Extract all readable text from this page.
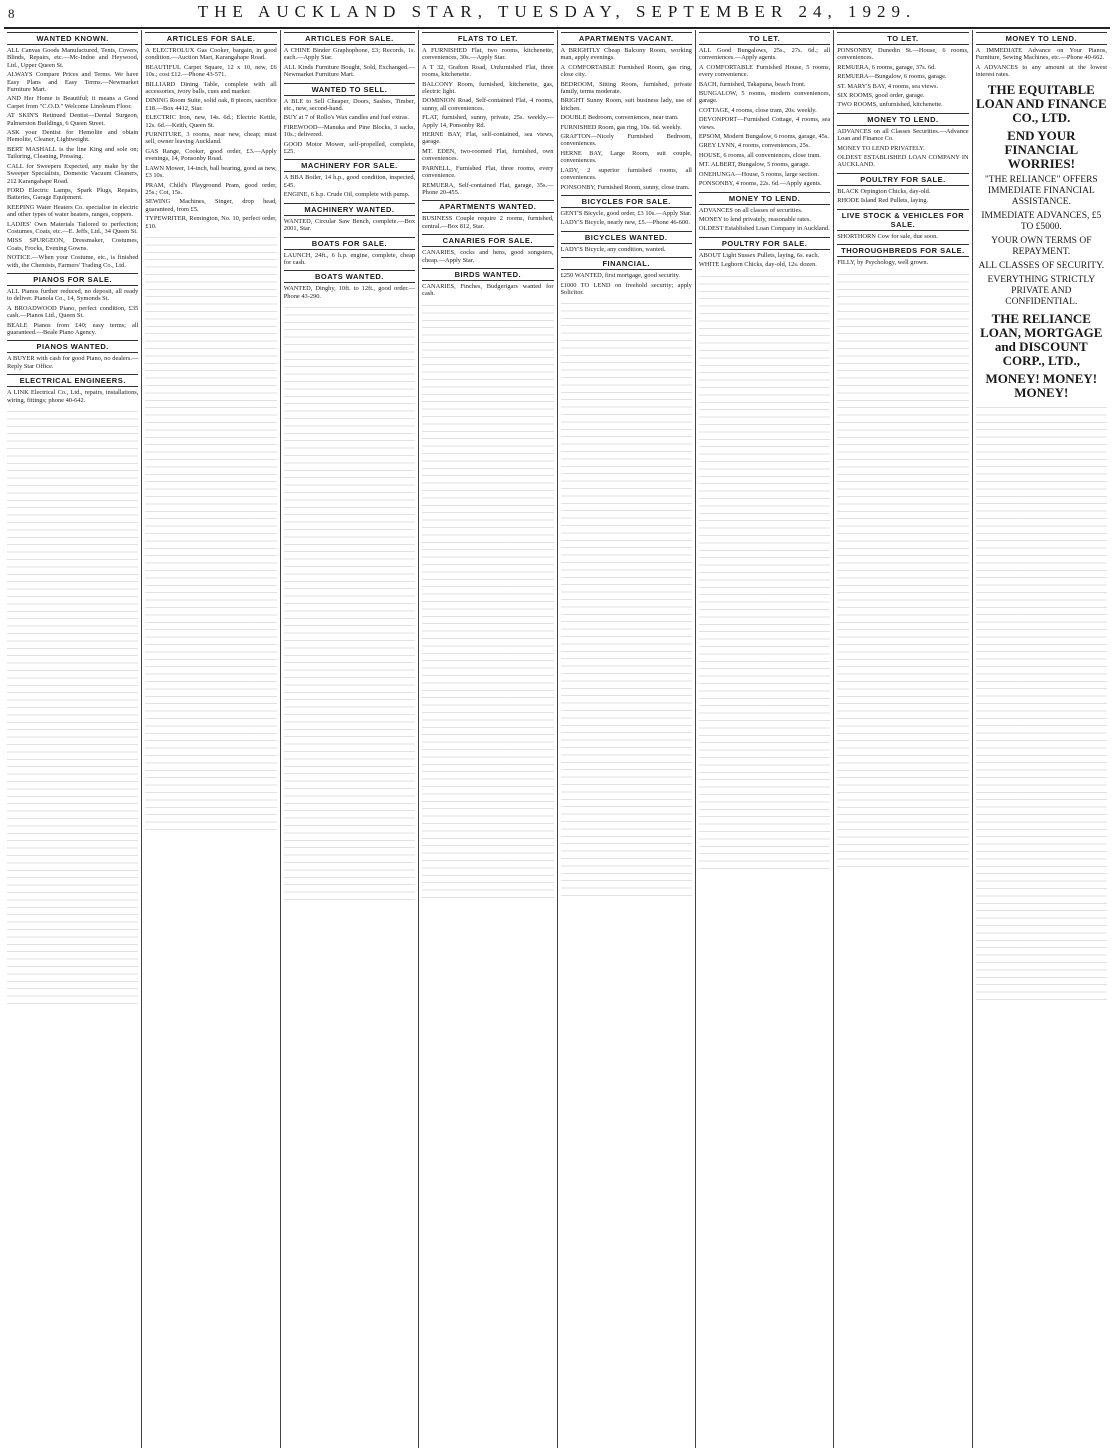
8	THE AUCKLAND STAR, TUESDAY, SEPTEMBER 24, 1929.
WANTED KNOWN.
ALL Canvas Goods Manufactured, Tents, Covers, Blinds, Repairs, etc.—Mc-Indoe and Heywood, Ltd., Upper Queen St.
ALWAYS Compare Prices and Terms. We have Easy Plans and Easy Terms.—Newmarket Furniture Mart.
AND Her Home is Beautiful; it means a Good Carpet from "C.O.D." Welcome Linoleum Floor.
AT SKIN'S Retinued Dentist—Dental Surgeon, Palmerston Buildings, 6 Queen Street.
ASK your Dentist for Hemolite and obtain Hemolite, Cleaner, Lightweight.
BERT MASHALL is the line King and sole on; Tailoring, Cleaning, Pressing.
CALL for Sweepers Expected, any make by the Sweeper Specialists, Domestic Vacuum Cleaners, 212 Karangahape Road.
FORD Electric Lamps, Spark Plugs, Repairs, Batteries, Garage Equipment.
KEEPING Water Heaters Co. specialise in electric and other types of water heaters, ranges, coppers.
LADIES' Own Materials Tailored to perfection; Costumes, Coats, etc.—E. Jeffs, Ltd., 34 Queen St.
MISS SPURGEON, Dressmaker, Costumes, Coats, Frocks, Evening Gowns.
NOTICE.—When your Costume, etc., is finished with, the Chemists, Farmers' Trading Co., Ltd.
PIANOS FOR SALE.
ALL Pianos further reduced, no deposit, all ready to deliver. Pianola Co., 14, Symonds St.
A BROADWOOD Piano, perfect condition, £35 cash.—Pianos Ltd., Queen St.
BEALE Pianos from £40; easy terms; all guaranteed.—Beale Piano Agency.
PIANOS WANTED.
A BUYER with cash for good Piano, no dealers.—Reply Star Office.
ELECTRICAL ENGINEERS.
A LINK Electrical Co., Ltd., repairs, installations, wiring, fittings; phone 40-642.
ARTICLES FOR SALE.
A ELECTROLUX Gas Cooker, bargain, in good condition.—Auction Mart, Karangahape Road.
BEAUTIFUL Carpet Square, 12 x 10, new, £6 10s.; cost £12.—Phone 43-571.
BILLIARD Dining Table, complete with all accessories, ivory balls, cues and marker.
DINING Room Suite, solid oak, 8 pieces, sacrifice £18.—Box 4412, Star.
ELECTRIC Iron, new, 14s. 6d.; Electric Kettle, 12s. 6d.—Keith, Queen St.
FURNITURE, 3 rooms, near new, cheap; must sell, owner leaving Auckland.
GAS Range, Cooker, good order, £3.—Apply evenings, 14, Ponsonby Road.
LAWN Mower, 14-inch, ball bearing, good as new, £3 10s.
PRAM, Child's Playground Pram, good order, 25s.; Cot, 15s.
SEWING Machines, Singer, drop head, guaranteed, from £5.
TYPEWRITER, Remington, No. 10, perfect order, £10.
ARTICLES FOR SALE.
A CHINE Binder Graphophone, £3; Records, 1s. each.—Apply Star.
ALL Kinds Furniture Bought, Sold, Exchanged.—Newmarket Furniture Mart.
WANTED TO SELL.
A BLE to Sell Cheaper, Doors, Sashes, Timber, etc., new, second-hand.
BUY at 7 of Rollo's Wax candles and fuel extras.
FIREWOOD—Manuka and Pine Blocks, 3 sacks, 10s.; delivered.
GOOD Motor Mower, self-propelled, complete, £25.
MACHINERY FOR SALE.
A BBA Boiler, 14 h.p., good condition, inspected, £45.
ENGINE, 6 h.p. Crude Oil, complete with pump.
MACHINERY WANTED.
WANTED, Circular Saw Bench, complete.—Box 2001, Star.
BOATS FOR SALE.
LAUNCH, 24ft., 6 h.p. engine, complete, cheap for cash.
BOATS WANTED.
WANTED, Dinghy, 10ft. to 12ft., good order.—Phone 43-290.
FLATS TO LET.
A FURNISHED Flat, two rooms, kitchenette, conveniences, 30s.—Apply Star.
A T 32, Grafton Road, Unfurnished Flat, three rooms, kitchenette.
BALCONY Room, furnished, kitchenette, gas, electric light.
DOMINION Road, Self-contained Flat, 4 rooms, sunny, all conveniences.
FLAT, furnished, sunny, private, 25s. weekly.—Apply 14, Ponsonby Rd.
HERNE BAY, Flat, self-contained, sea views, garage.
MT. EDEN, two-roomed Flat, furnished, own conveniences.
PARNELL, Furnished Flat, three rooms, every convenience.
REMUERA, Self-contained Flat, garage, 35s.—Phone 20-455.
APARTMENTS WANTED.
BUSINESS Couple require 2 rooms, furnished, central.—Box 812, Star.
CANARIES FOR SALE.
CANARIES, cocks and hens, good songsters, cheap.—Apply Star.
BIRDS WANTED.
CANARIES, Finches, Budgerigars wanted for cash.
APARTMENTS VACANT.
A BRIGHTLY Cheap Balcony Room, working man, apply evenings.
A COMFORTABLE Furnished Room, gas ring, close city.
BEDROOM, Sitting Room, furnished, private family, terms moderate.
BRIGHT Sunny Room, suit business lady, use of kitchen.
DOUBLE Bedroom, conveniences, near tram.
FURNISHED Room, gas ring, 10s. 6d. weekly.
GRAFTON—Nicely Furnished Bedroom, conveniences.
HERNE BAY, Large Room, suit couple, conveniences.
LADY, 2 superior furnished rooms, all conveniences.
PONSONBY, Furnished Room, sunny, close tram.
BICYCLES FOR SALE.
GENT'S Bicycle, good order, £3 10s.—Apply Star.
LADY'S Bicycle, nearly new, £5.—Phone 46-600.
BICYCLES WANTED.
LADY'S Bicycle, any condition, wanted.
FINANCIAL.
£250 WANTED, first mortgage, good security.
£1000 TO LEND on freehold security; apply Solicitor.
TO LET.
ALL Good Bungalows, 25s., 27s. 6d.; all conveniences.—Apply agents.
A COMFORTABLE Furnished House, 5 rooms, every convenience.
BACH, furnished, Takapuna, beach front.
BUNGALOW, 5 rooms, modern conveniences, garage.
COTTAGE, 4 rooms, close tram, 20s. weekly.
DEVONPORT—Furnished Cottage, 4 rooms, sea views.
EPSOM, Modern Bungalow, 6 rooms, garage, 45s.
GREY LYNN, 4 rooms, conveniences, 25s.
HOUSE, 6 rooms, all conveniences, close tram.
MT. ALBERT, Bungalow, 5 rooms, garage.
ONEHUNGA—House, 5 rooms, large section.
PONSONBY, 4 rooms, 22s. 6d.—Apply agents.
MONEY TO LEND.
ADVANCES on all classes of securities.
MONEY to lend privately, reasonable rates.
OLDEST Established Loan Company in Auckland.
POULTRY FOR SALE.
ABOUT Light Sussex Pullets, laying, 6s. each.
WHITE Leghorn Chicks, day-old, 12s. dozen.
TO LET.
PONSONBY, Dunedin St.—House, 6 rooms, conveniences.
REMUERA, 6 rooms, garage, 37s. 6d.
REMUERA—Bungalow, 6 rooms, garage.
ST. MARY'S BAY, 4 rooms, sea views.
SIX ROOMS, good order, garage.
TWO ROOMS, unfurnished, kitchenette.
MONEY TO LEND.
ADVANCES on all Classes Securities.—Advance Loan and Finance Co.
MONEY TO LEND PRIVATELY.
OLDEST ESTABLISHED LOAN COMPANY IN AUCKLAND.
POULTRY FOR SALE.
BLACK Orpington Chicks, day-old.
RHODE Island Red Pullets, laying.
LIVE STOCK & VEHICLES FOR SALE.
SHORTHORN Cow for sale, due soon.
THOROUGHBREDS FOR SALE.
FILLY, by Psychology, well grown.
MONEY TO LEND.
A IMMEDIATE Advance on Your Pianos, Furniture, Sewing Machines, etc.—Phone 40-662.
A ADVANCES to any amount at the lowest interest rates.
THE EQUITABLE LOAN AND FINANCE CO., LTD.
END YOUR FINANCIAL WORRIES!
"THE RELIANCE" OFFERS IMMEDIATE FINANCIAL ASSISTANCE.
IMMEDIATE ADVANCES, £5 TO £5000.
YOUR OWN TERMS OF REPAYMENT.
ALL CLASSES OF SECURITY.
EVERYTHING STRICTLY PRIVATE AND CONFIDENTIAL.
THE RELIANCE LOAN, MORTGAGE and DISCOUNT CORP., LTD.,
MONEY! MONEY! MONEY!
